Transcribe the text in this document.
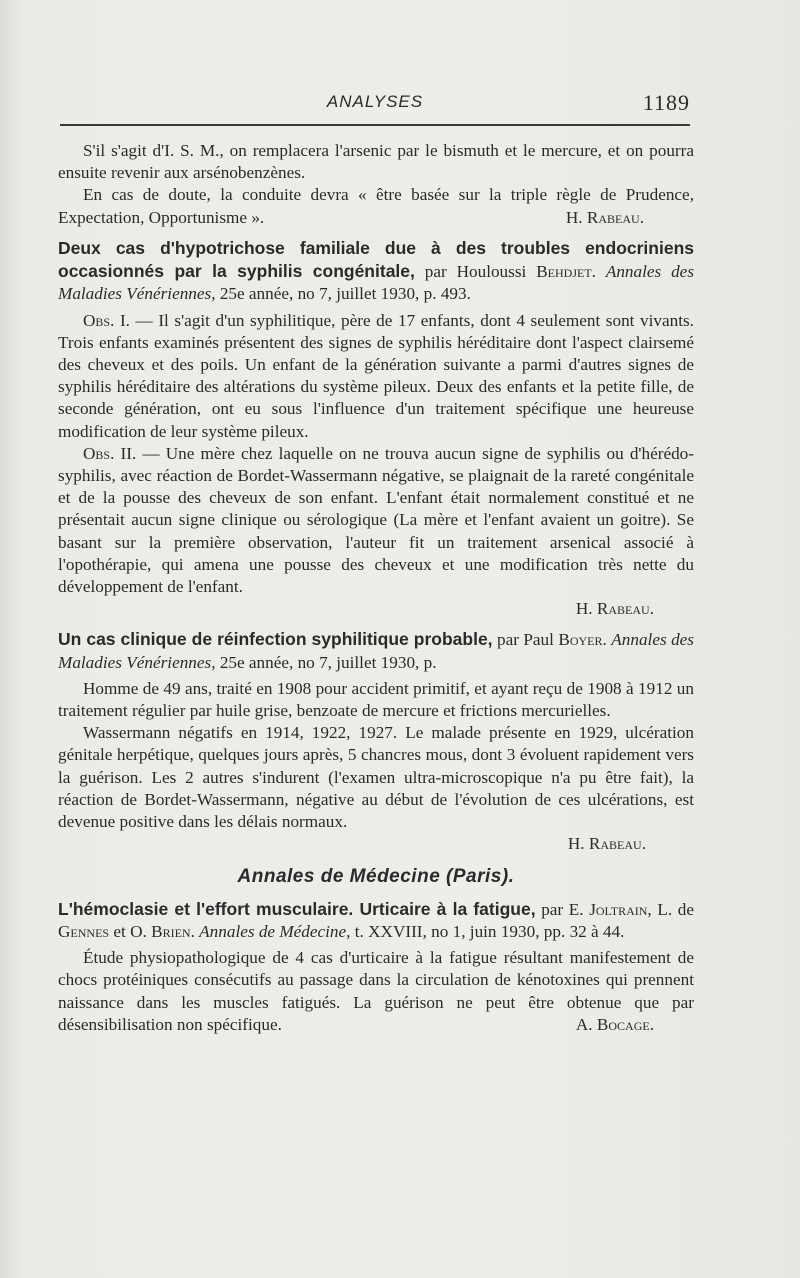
ANALYSES	1189

S'il s'agit d'I. S. M., on remplacera l'arsenic par le bismuth et le mercure, et on pourra ensuite revenir aux arsénobenzènes.

En cas de doute, la conduite devra « être basée sur la triple règle de Prudence, Expectation, Opportunisme ».	H. Rabeau.

Deux cas d'hypotrichose familiale due à des troubles endocriniens occasionnés par la syphilis congénitale, par Houloussi Behdjet. Annales des Maladies Vénériennes, 25e année, no 7, juillet 1930, p. 493.

Obs. I. — Il s'agit d'un syphilitique, père de 17 enfants, dont 4 seulement sont vivants. Trois enfants examinés présentent des signes de syphilis héréditaire dont l'aspect clairsemé des cheveux et des poils. Un enfant de la génération suivante a parmi d'autres signes de syphilis héréditaire des altérations du système pileux. Deux des enfants et la petite fille, de seconde génération, ont eu sous l'influence d'un traitement spécifique une heureuse modification de leur système pileux.

Obs. II. — Une mère chez laquelle on ne trouva aucun signe de syphilis ou d'hérédo-syphilis, avec réaction de Bordet-Wassermann négative, se plaignait de la rareté congénitale et de la pousse des cheveux de son enfant. L'enfant était normalement constitué et ne présentait aucun signe clinique ou sérologique (La mère et l'enfant avaient un goitre). Se basant sur la première observation, l'auteur fit un traitement arsenical associé à l'opothérapie, qui amena une pousse des cheveux et une modification très nette du développement de l'enfant.

H. Rabeau.

Un cas clinique de réinfection syphilitique probable, par Paul Boyer. Annales des Maladies Vénériennes, 25e année, no 7, juillet 1930, p.

Homme de 49 ans, traité en 1908 pour accident primitif, et ayant reçu de 1908 à 1912 un traitement régulier par huile grise, benzoate de mercure et frictions mercurielles.

Wassermann négatifs en 1914, 1922, 1927. Le malade présente en 1929, ulcération génitale herpétique, quelques jours après, 5 chancres mous, dont 3 évoluent rapidement vers la guérison. Les 2 autres s'indurent (l'examen ultra-microscopique n'a pu être fait), la réaction de Bordet-Wassermann, négative au début de l'évolution de ces ulcérations, est devenue positive dans les délais normaux.

H. Rabeau.
Annales de Médecine (Paris).

L'hémoclasie et l'effort musculaire. Urticaire à la fatigue, par E. Joltrain, L. de Gennes et O. Brien. Annales de Médecine, t. XXVIII, no 1, juin 1930, pp. 32 à 44.

Étude physiopathologique de 4 cas d'urticaire à la fatigue résultant manifestement de chocs protéiniques consécutifs au passage dans la circulation de kénotoxines qui prennent naissance dans les muscles fatigués. La guérison ne peut être obtenue que par désensibilisation non spécifique.	A. Bocage.
